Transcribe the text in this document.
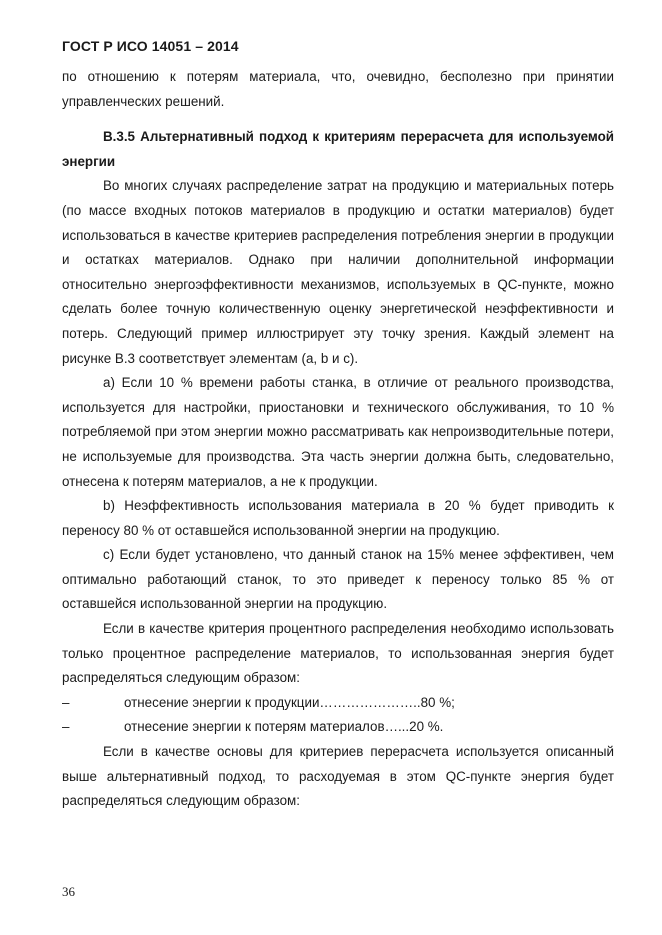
ГОСТ Р ИСО 14051 – 2014

по отношению к потерям материала, что, очевидно, бесполезно при принятии управленческих решений.

В.3.5 Альтернативный подход к критериям перерасчета для используемой энергии

Во многих случаях распределение затрат на продукцию и материальных потерь (по массе входных потоков материалов в продукцию и остатки материалов) будет использоваться в качестве критериев распределения потребления энергии в продукции и остатках материалов. Однако при наличии дополнительной информации относительно энергоэффективности механизмов, используемых в QC-пункте, можно сделать более точную количественную оценку энергетической неэффективности и потерь. Следующий пример иллюстрирует эту точку зрения. Каждый элемент на рисунке В.3 соответствует элементам (а, b и с).

a) Если 10 % времени работы станка, в отличие от реального производства, используется для настройки, приостановки и технического обслуживания, то 10 % потребляемой при этом энергии можно рассматривать как непроизводительные потери, не используемые для производства. Эта часть энергии должна быть, следовательно, отнесена к потерям материалов, а не к продукции.

b) Неэффективность использования материала в 20 % будет приводить к переносу 80 % от оставшейся использованной энергии на продукцию.

c) Если будет установлено, что данный станок на 15% менее эффективен, чем оптимально работающий станок, то это приведет к переносу только 85 % от оставшейся использованной энергии на продукцию.

Если в качестве критерия процентного распределения необходимо использовать только процентное распределение материалов, то использованная энергия будет распределяться следующим образом:

–	отнесение энергии к продукции…………………..80 %;

–	отнесение энергии к потерям материалов…...20 %.

Если в качестве основы для критериев перерасчета используется описанный выше альтернативный подход, то расходуемая в этом QC-пункте энергия будет распределяться следующим образом:

36
